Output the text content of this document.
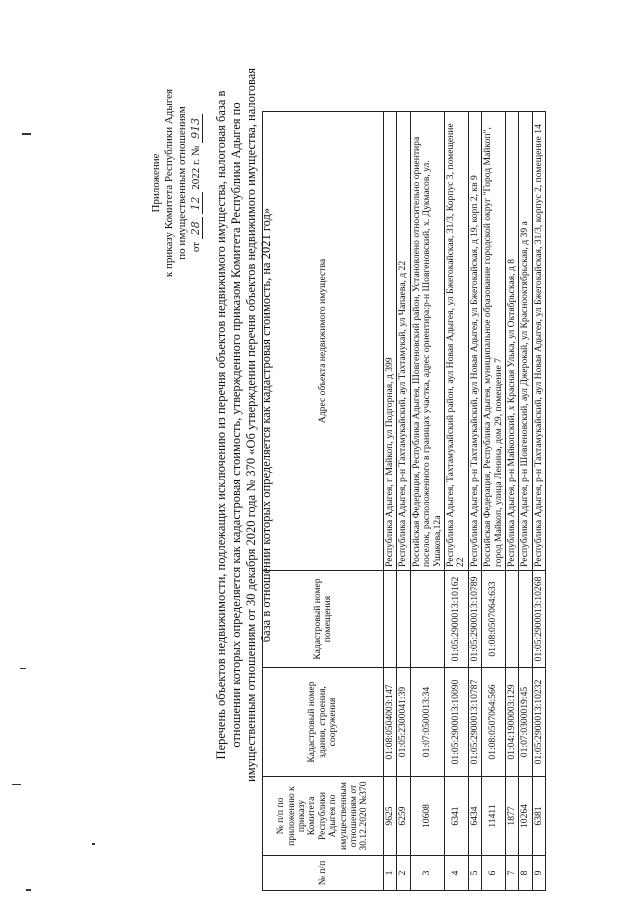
Приложение к приказу Комитета Республики Адыгея по имущественным отношениям от 28 12 2022 г. № 913 Перечень объектов недвижимости, подлежащих исключению из перечня объектов недвижимого имущества, налоговая база в отношении которых определяется как кадастровая стоимость, утвержденного приказом Комитета Республики Адыгея по имущественным отношениям от 30 декабря 2020 года № 370 «Об утверждении перечня объектов недвижимого имущества, налоговая база в отношении которых определяется как кадастровая стоимость, на 2021 год»
№ п/п	№ п/п по приложению к приказу Комитета Республики Адыгея по имущественным отношениям от 30.12.2020 №370	Кадастровый номер здания, строения, сооружения	Кадастровый номер помещения	Адрес объекта недвижимого имущества
1	9625	01:08:0504003:147		Республика Адыгея, г Майкоп, ул Подгорная, д 399
2	6259	01:05:2300041:39		Республика Адыгея, р-н Тахтамукайский, аул Тахтамукай, ул Чапаева, д 22
3	10608	01:07:0500013:34		Российская Федерация, Республика Адыгея, Шовгеновский район, Установлено относительно ориентира поселок, расположенного в границах участка, адрес ориентира:р-н Шовгеновский, х. Дукмасов, ул. Ушакова,12а
4	6341	01:05:2900013:10090	01:05:2900013:10162	Республика Адыгея, Тахтамукайский район, аул Новая Адыгея, ул Бжегокайская, 31/3, Корпус 3, помещение 22
5	6434	01:05:2900013:10787	01:05:2900013:10789	Республика Адыгея, р-н Тахтамукайский, аул Новая Адыгея, ул Бжегокайская, д 19, корп 2, кв 9
6	11411	01:08:0507064:566	01:08:0507064:633	Российская Федерация, Республика Адыгея, муниципальное образование городской округ "Город Майкоп", город Майкоп, улица Ленина, дом 29, помещение 7
7	1877	01:04:1900003:129		Республика Адыгея, р-н Майкопский, х Красная Улька, ул Октябрьская, д 8
8	10264	01:07:0300019:45		Республика Адыгея, р-н Шовгеновский, аул Джерокай, ул Краснооктябрьская, д 39 а
9	6381	01:05:2900013:10232	01:05:2900013:10268	Республика Адыгея, р-н Тахтамукайский, аул Новая Адыгея, ул Бжегокайская, 31/3, корпус 2, помещение 14
